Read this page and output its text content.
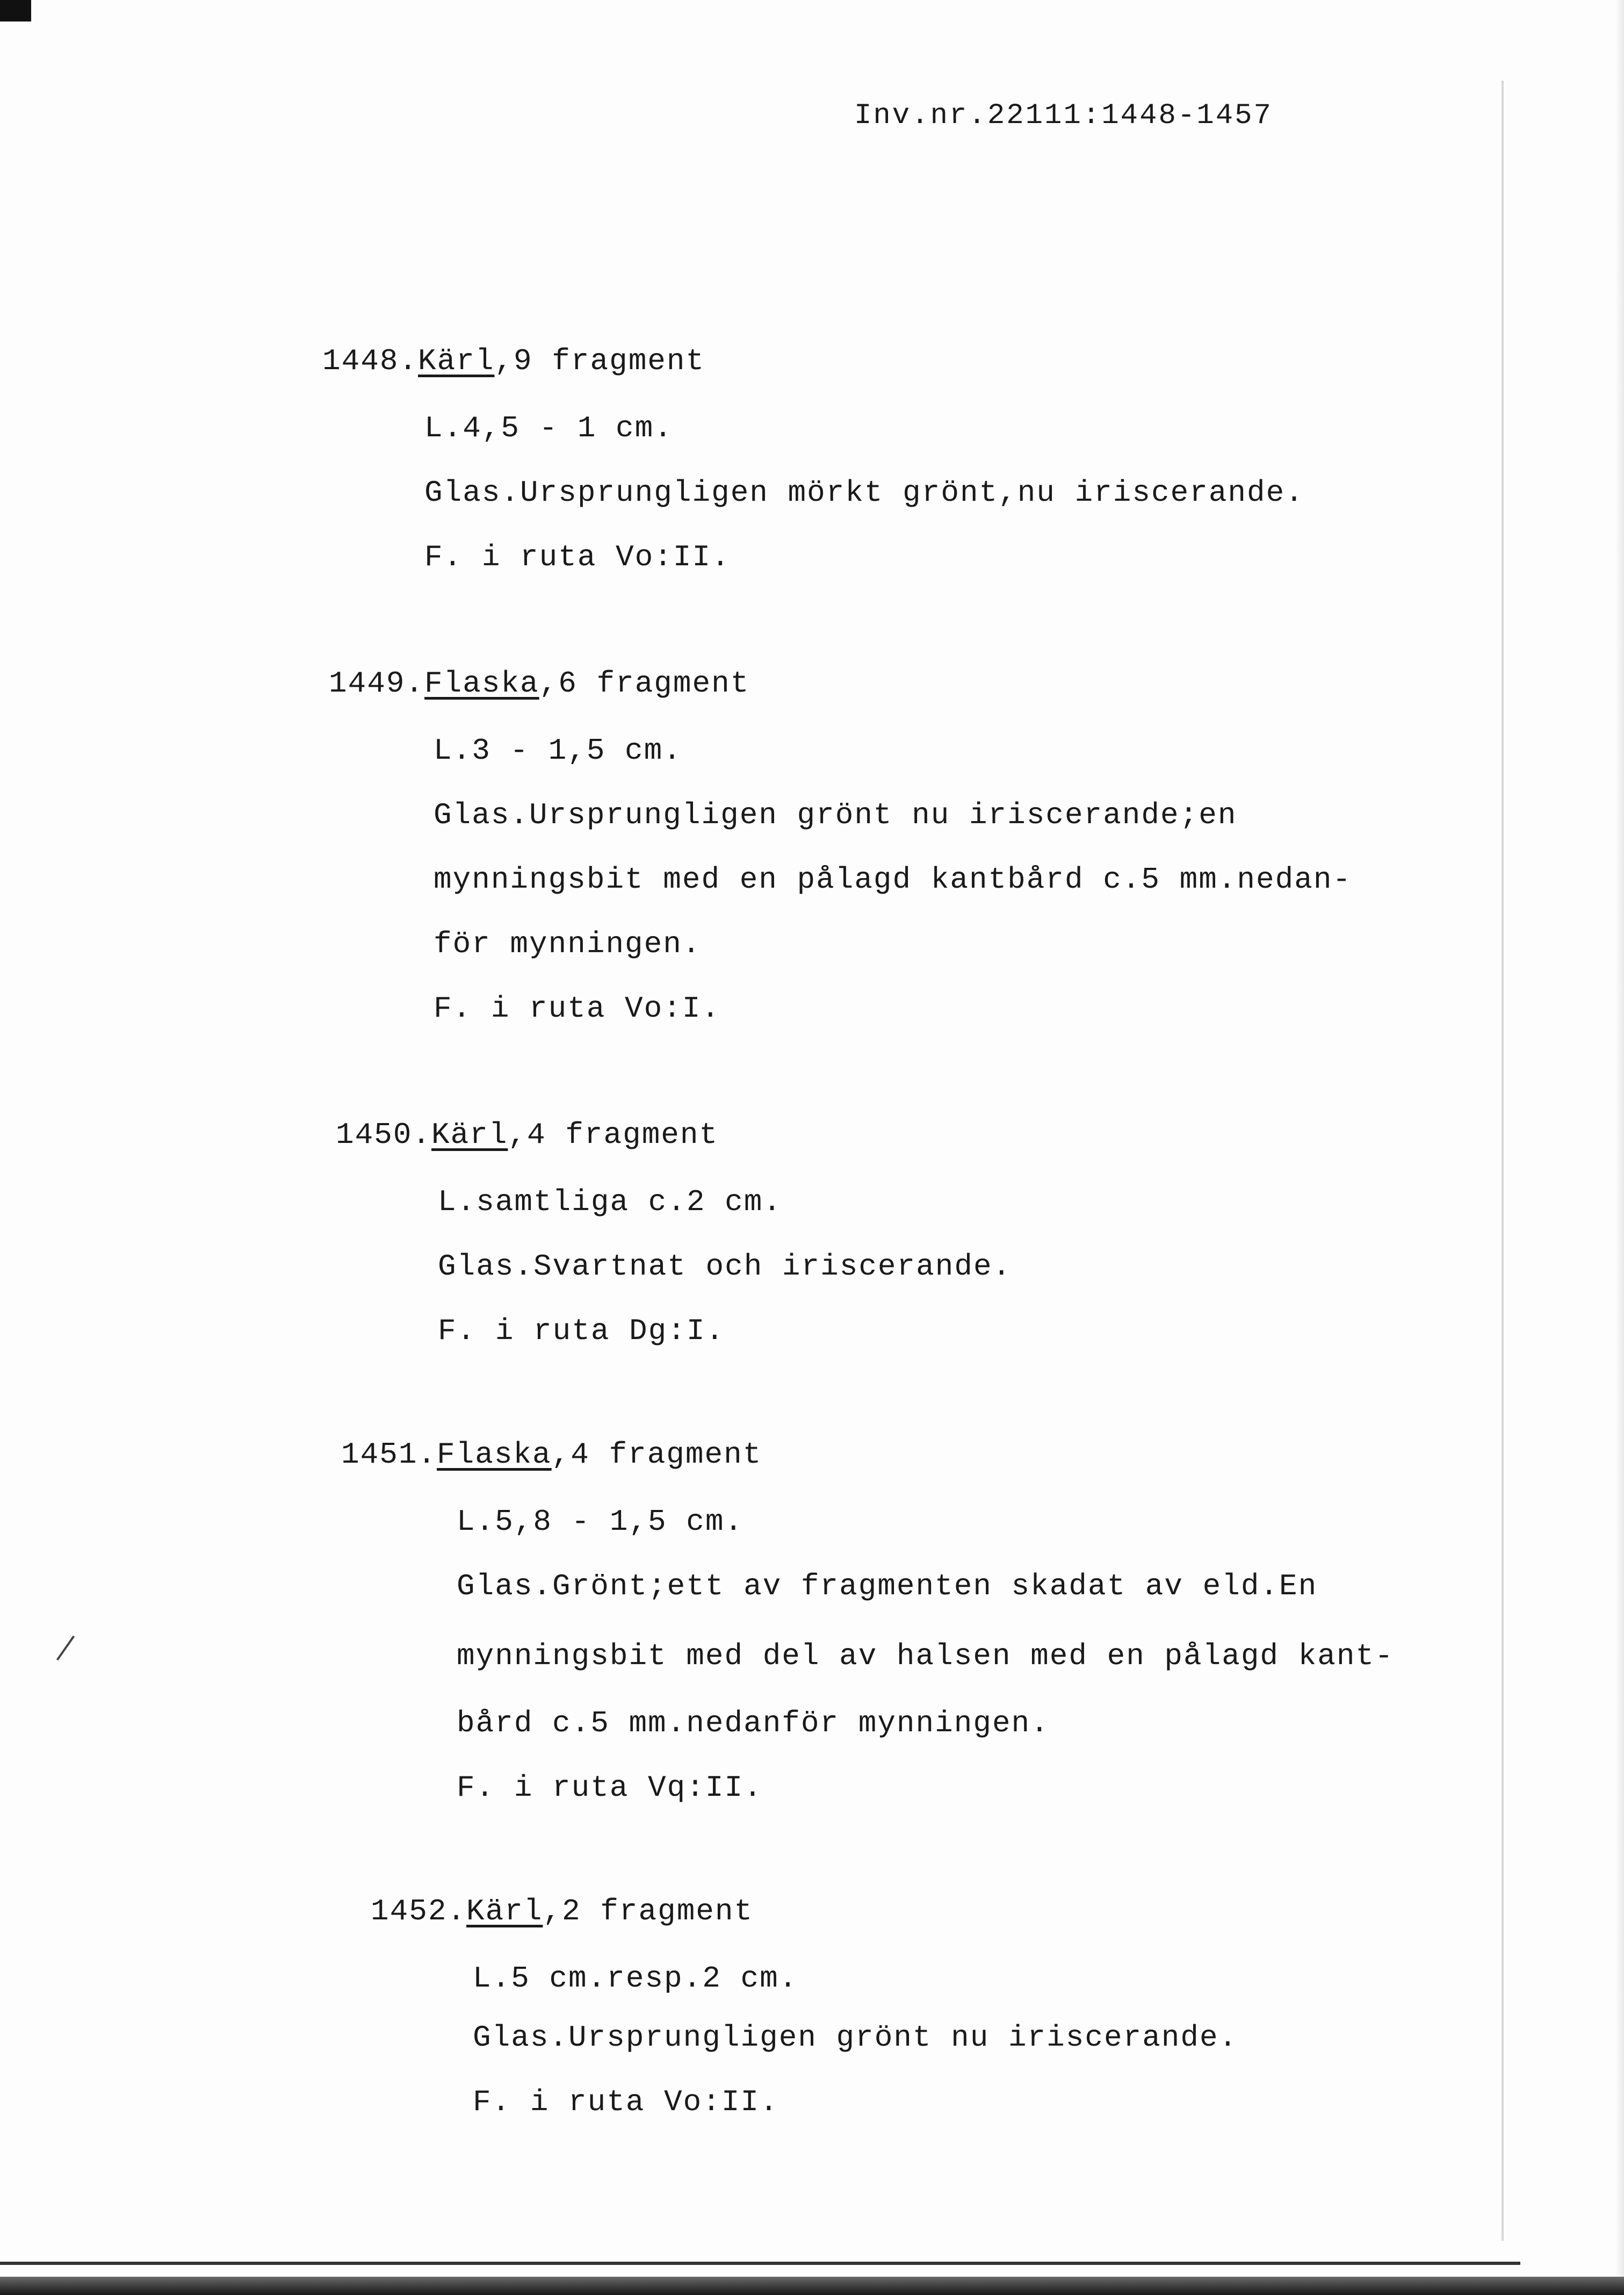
Inv.nr.22111:1448-1457
1448.Kärl,9 fragment
L.4,5 - 1 cm.
Glas.Ursprungligen mörkt grönt,nu iriscerande.
F. i ruta Vo:II.
1449.Flaska,6 fragment
L.3 - 1,5 cm.
Glas.Ursprungligen grönt nu iriscerande;en
mynningsbit med en pålagd kantbård c.5 mm.nedan-
för mynningen.
F. i ruta Vo:I.
1450.Kärl,4 fragment
L.samtliga c.2 cm.
Glas.Svartnat och iriscerande.
F. i ruta Dg:I.
1451.Flaska,4 fragment
L.5,8 - 1,5 cm.
Glas.Grönt;ett av fragmenten skadat av eld.En
mynningsbit med del av halsen med en pålagd kant-
bård c.5 mm.nedanför mynningen.
F. i ruta Vq:II.
1452.Kärl,2 fragment
L.5 cm.resp.2 cm.
Glas.Ursprungligen grönt nu iriscerande.
F. i ruta Vo:II.
